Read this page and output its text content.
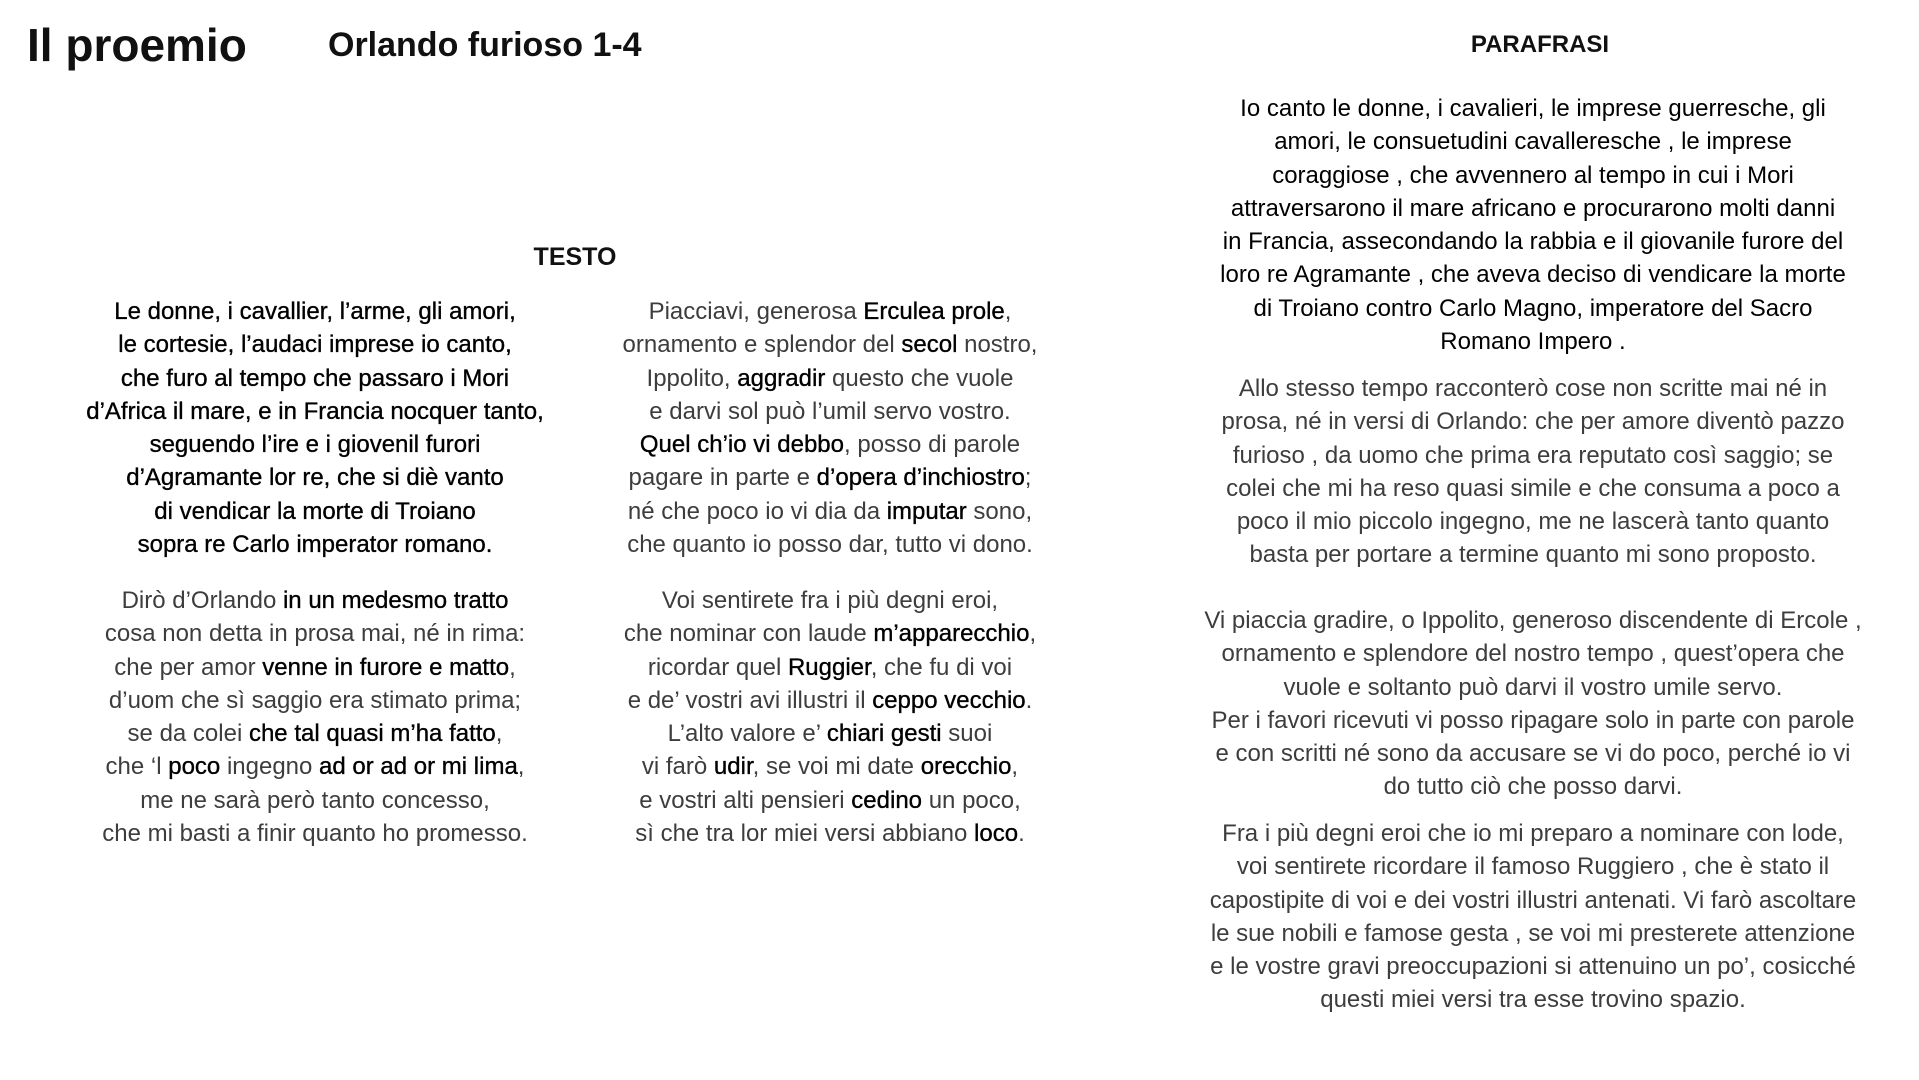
Il proemio Orlando furioso 1-4
TESTO
Le donne, i cavallier, l’arme, gli amori,
le cortesie, l’audaci imprese io canto,
che furo al tempo che passaro i Mori
d’Africa il mare, e in Francia nocquer tanto,
seguendo l’ire e i giovenil furori
d’Agramante lor re, che si diè vanto
di vendicar la morte di Troiano
sopra re Carlo imperator romano.
Piacciavi, generosa Erculea prole,
ornamento e splendor del secol nostro,
Ippolito, aggradir questo che vuole
e darvi sol può l’umil servo vostro.
Quel ch’io vi debbo, posso di parole
pagare in parte e d’opera d’inchiostro;
né che poco io vi dia da imputar sono,
che quanto io posso dar, tutto vi dono.
Dirò d’Orlando in un medesmo tratto
cosa non detta in prosa mai, né in rima:
che per amor venne in furore e matto,
d’uom che sì saggio era stimato prima;
se da colei che tal quasi m’ha fatto,
che ‘l poco ingegno ad or ad or mi lima,
me ne sarà però tanto concesso,
che mi basti a finir quanto ho promesso.
Voi sentirete fra i più degni eroi,
che nominar con laude m’apparecchio,
ricordar quel Ruggier, che fu di voi
e de’ vostri avi illustri il ceppo vecchio.
L’alto valore e’ chiari gesti suoi
vi farò udir, se voi mi date orecchio,
e vostri alti pensieri cedino un poco,
sì che tra lor miei versi abbiano loco.
PARAFRASI
Io canto le donne, i cavalieri, le imprese guerresche, gli
amori, le consuetudini cavalleresche , le imprese
coraggiose , che avvennero al tempo in cui i Mori
attraversarono il mare africano e procurarono molti danni
in Francia, assecondando la rabbia e il giovanile furore del
loro re Agramante , che aveva deciso di vendicare la morte
di Troiano contro Carlo Magno, imperatore del Sacro
Romano Impero .
Allo stesso tempo racconterò cose non scritte mai né in
prosa, né in versi di Orlando: che per amore diventò pazzo
furioso , da uomo che prima era reputato così saggio; se
colei che mi ha reso quasi simile e che consuma a poco a
poco il mio piccolo ingegno, me ne lascerà tanto quanto
basta per portare a termine quanto mi sono proposto.
Vi piaccia gradire, o Ippolito, generoso discendente di Ercole ,
ornamento e splendore del nostro tempo , quest’opera che
vuole e soltanto può darvi il vostro umile servo.
Per i favori ricevuti vi posso ripagare solo in parte con parole
e con scritti né sono da accusare se vi do poco, perché io vi
do tutto ciò che posso darvi.
Fra i più degni eroi che io mi preparo a nominare con lode,
voi sentirete ricordare il famoso Ruggiero , che è stato il
capostipite di voi e dei vostri illustri antenati. Vi farò ascoltare
le sue nobili e famose gesta , se voi mi presterete attenzione
e le vostre gravi preoccupazioni si attenuino un po’, cosicché
questi miei versi tra esse trovino spazio.
